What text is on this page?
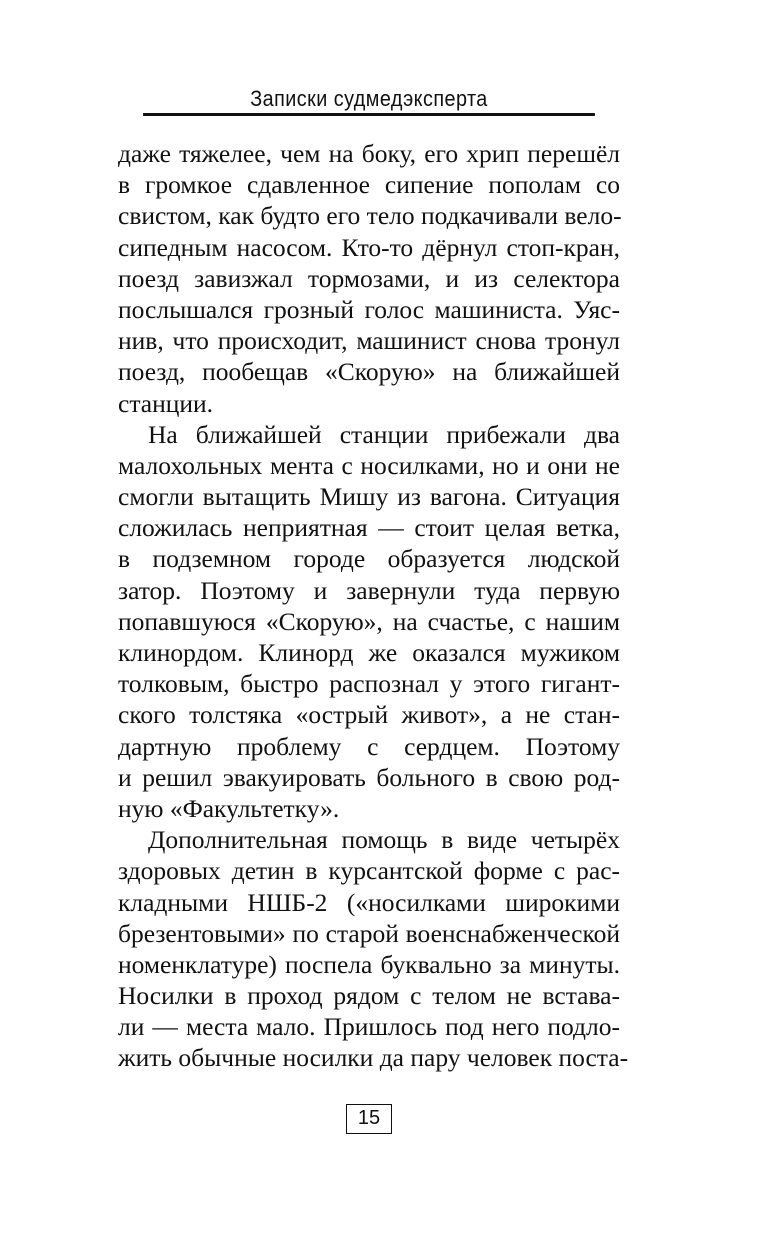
Записки судмедэксперта

даже тяжелее, чем на боку, его хрип перешёл
в громкое сдавленное сипение пополам со
свистом, как будто его тело подкачивали вело-
сипедным насосом. Кто-то дёрнул стоп-кран,
поезд завизжал тормозами, и из селектора
послышался грозный голос машиниста. Уяс-
нив, что происходит, машинист снова тронул
поезд, пообещав «Скорую» на ближайшей
станции.

На ближайшей станции прибежали два
малохольных мента с носилками, но и они не
смогли вытащить Мишу из вагона. Ситуация
сложилась неприятная — стоит целая ветка,
в подземном городе образуется людской
затор. Поэтому и завернули туда первую
попавшуюся «Скорую», на счастье, с нашим
клинордом. Клинорд же оказался мужиком
толковым, быстро распознал у этого гигант-
ского толстяка «острый живот», а не стан-
дартную проблему с сердцем. Поэтому
и решил эвакуировать больного в свою род-
ную «Факультетку».

Дополнительная помощь в виде четырёх
здоровых детин в курсантской форме с рас-
кладными НШБ-2 («носилками широкими
брезентовыми» по старой военснабженческой
номенклатуре) поспела буквально за минуты.
Носилки в проход рядом с телом не встава-
ли — места мало. Пришлось под него подло-
жить обычные носилки да пару человек поста-

15
